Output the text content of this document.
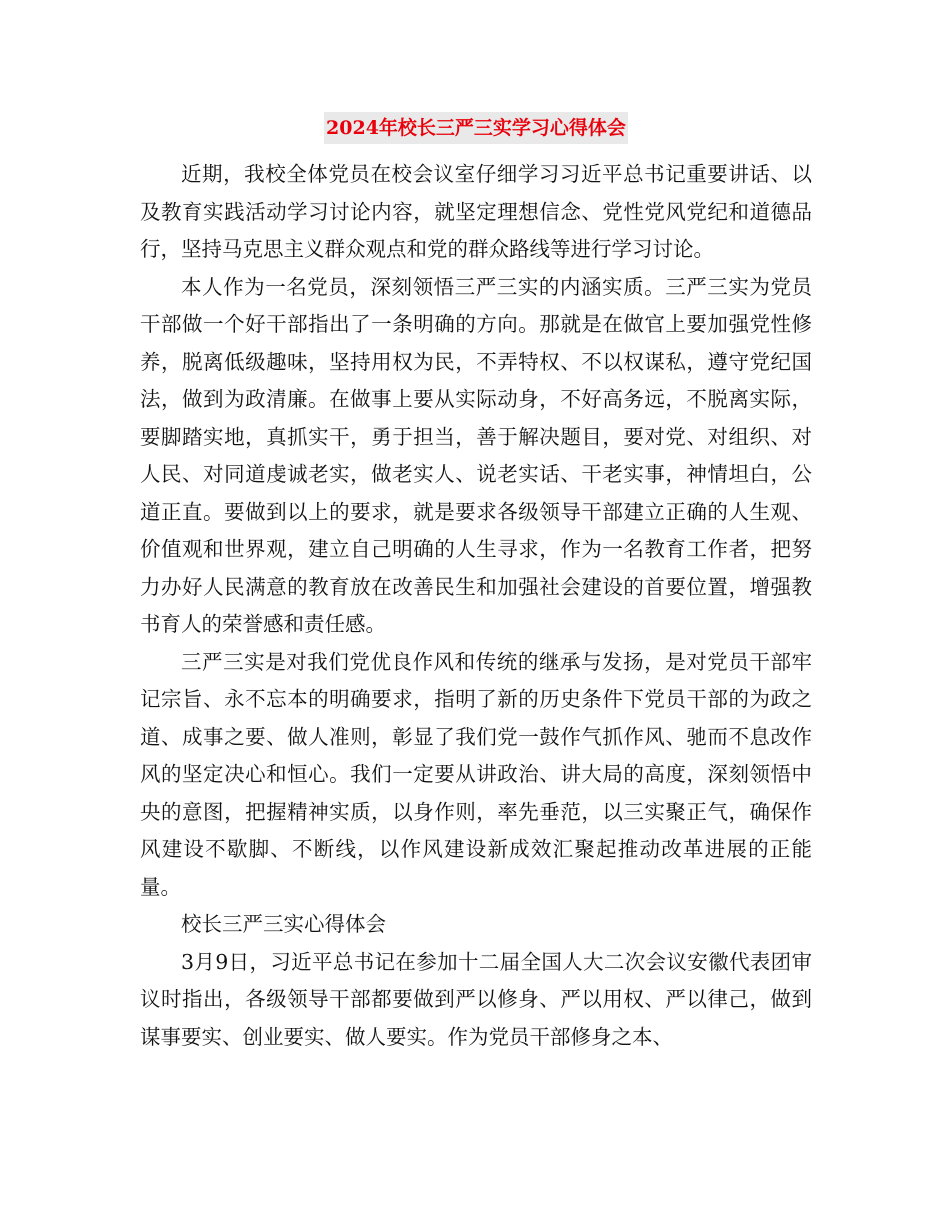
2024年校长三严三实学习心得体会

近期，我校全体党员在校会议室仔细学习习近平总书记重要讲话、以及教育实践活动学习讨论内容，就坚定理想信念、党性党风党纪和道德品行，坚持马克思主义群众观点和党的群众路线等进行学习讨论。

本人作为一名党员，深刻领悟三严三实的内涵实质。三严三实为党员干部做一个好干部指出了一条明确的方向。那就是在做官上要加强党性修养，脱离低级趣味，坚持用权为民，不弄特权、不以权谋私，遵守党纪国法，做到为政清廉。在做事上要从实际动身，不好高务远，不脱离实际，要脚踏实地，真抓实干，勇于担当，善于解决题目，要对党、对组织、对人民、对同道虔诚老实，做老实人、说老实话、干老实事，神情坦白，公道正直。要做到以上的要求，就是要求各级领导干部建立正确的人生观、价值观和世界观，建立自己明确的人生寻求，作为一名教育工作者，把努力办好人民满意的教育放在改善民生和加强社会建设的首要位置，增强教书育人的荣誉感和责任感。

三严三实是对我们党优良作风和传统的继承与发扬，是对党员干部牢记宗旨、永不忘本的明确要求，指明了新的历史条件下党员干部的为政之道、成事之要、做人准则，彰显了我们党一鼓作气抓作风、驰而不息改作风的坚定决心和恒心。我们一定要从讲政治、讲大局的高度，深刻领悟中央的意图，把握精神实质，以身作则，率先垂范，以三实聚正气，确保作风建设不歇脚、不断线，以作风建设新成效汇聚起推动改革进展的正能量。

校长三严三实心得体会

3月9日，习近平总书记在参加十二届全国人大二次会议安徽代表团审议时指出，各级领导干部都要做到严以修身、严以用权、严以律己，做到谋事要实、创业要实、做人要实。作为党员干部修身之本、
